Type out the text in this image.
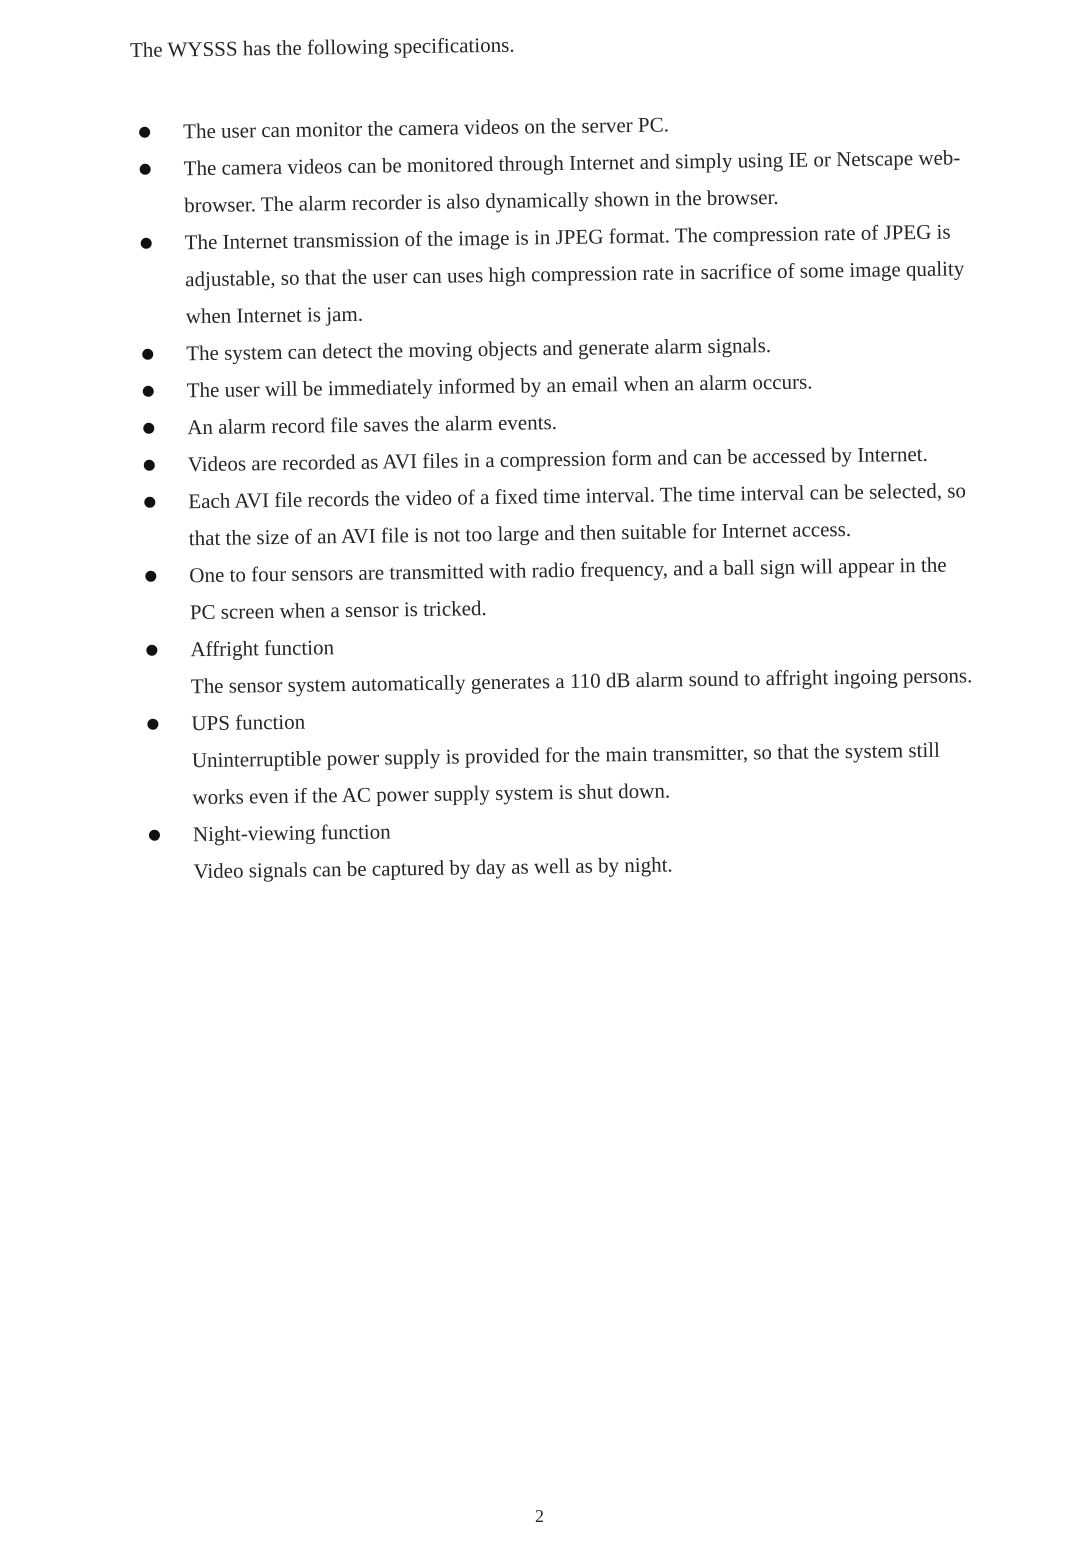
The WYSSS has the following specifications.
The user can monitor the camera videos on the server PC.
The camera videos can be monitored through Internet and simply using IE or Netscape web-browser. The alarm recorder is also dynamically shown in the browser.
The Internet transmission of the image is in JPEG format. The compression rate of JPEG is adjustable, so that the user can uses high compression rate in sacrifice of some image quality when Internet is jam.
The system can detect the moving objects and generate alarm signals.
The user will be immediately informed by an email when an alarm occurs.
An alarm record file saves the alarm events.
Videos are recorded as AVI files in a compression form and can be accessed by Internet.
Each AVI file records the video of a fixed time interval. The time interval can be selected, so that the size of an AVI file is not too large and then suitable for Internet access.
One to four sensors are transmitted with radio frequency, and a ball sign will appear in the PC screen when a sensor is tricked.
Affright function
The sensor system automatically generates a 110 dB alarm sound to affright ingoing persons.
UPS function
Uninterruptible power supply is provided for the main transmitter, so that the system still works even if the AC power supply system is shut down.
Night-viewing function
Video signals can be captured by day as well as by night.
2
